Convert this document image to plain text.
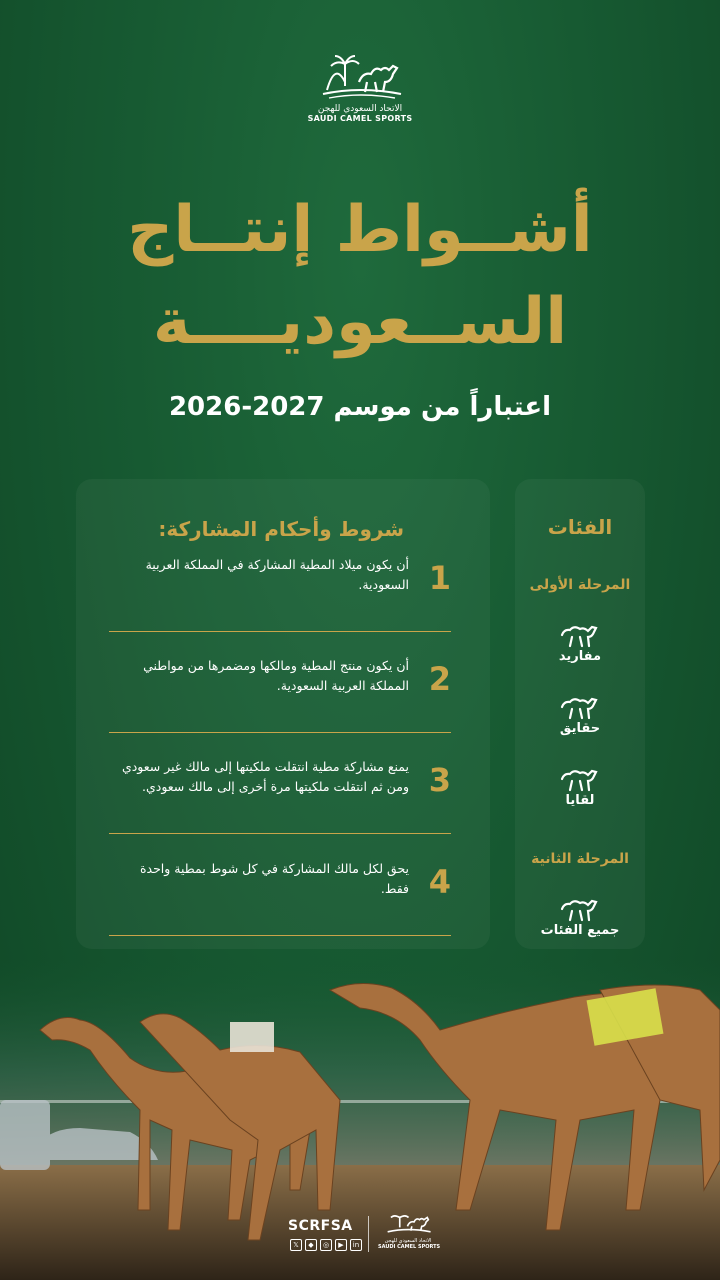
الاتحاد السعودي للهجن
SAUDI CAMEL SPORTS
أشــواط إنتــاج
الســعوديــــة
اعتباراً من موسم 2027-2026
شروط وأحكام المشاركة:
1
أن يكون ميلاد المطية المشاركة في المملكة العربية السعودية.
2
أن يكون منتج المطية ومالكها ومضمرها من مواطني المملكة العربية السعودية.
3
يمنع مشاركة مطية انتقلت ملكيتها إلى مالك غير سعودي ومن ثم انتقلت ملكيتها مرة أخرى إلى مالك سعودي.
4
يحق لكل مالك المشاركة في كل شوط بمطية واحدة فقط.
الفئات
المرحلة الأولى
مفاريد
حقايق
لقايا
المرحلة الثانية
جميع الفئات
SCRFSA
𝕏	◆	◎	▶	in	الاتحاد السعودي للهجن
SAUDI CAMEL SPORTS
